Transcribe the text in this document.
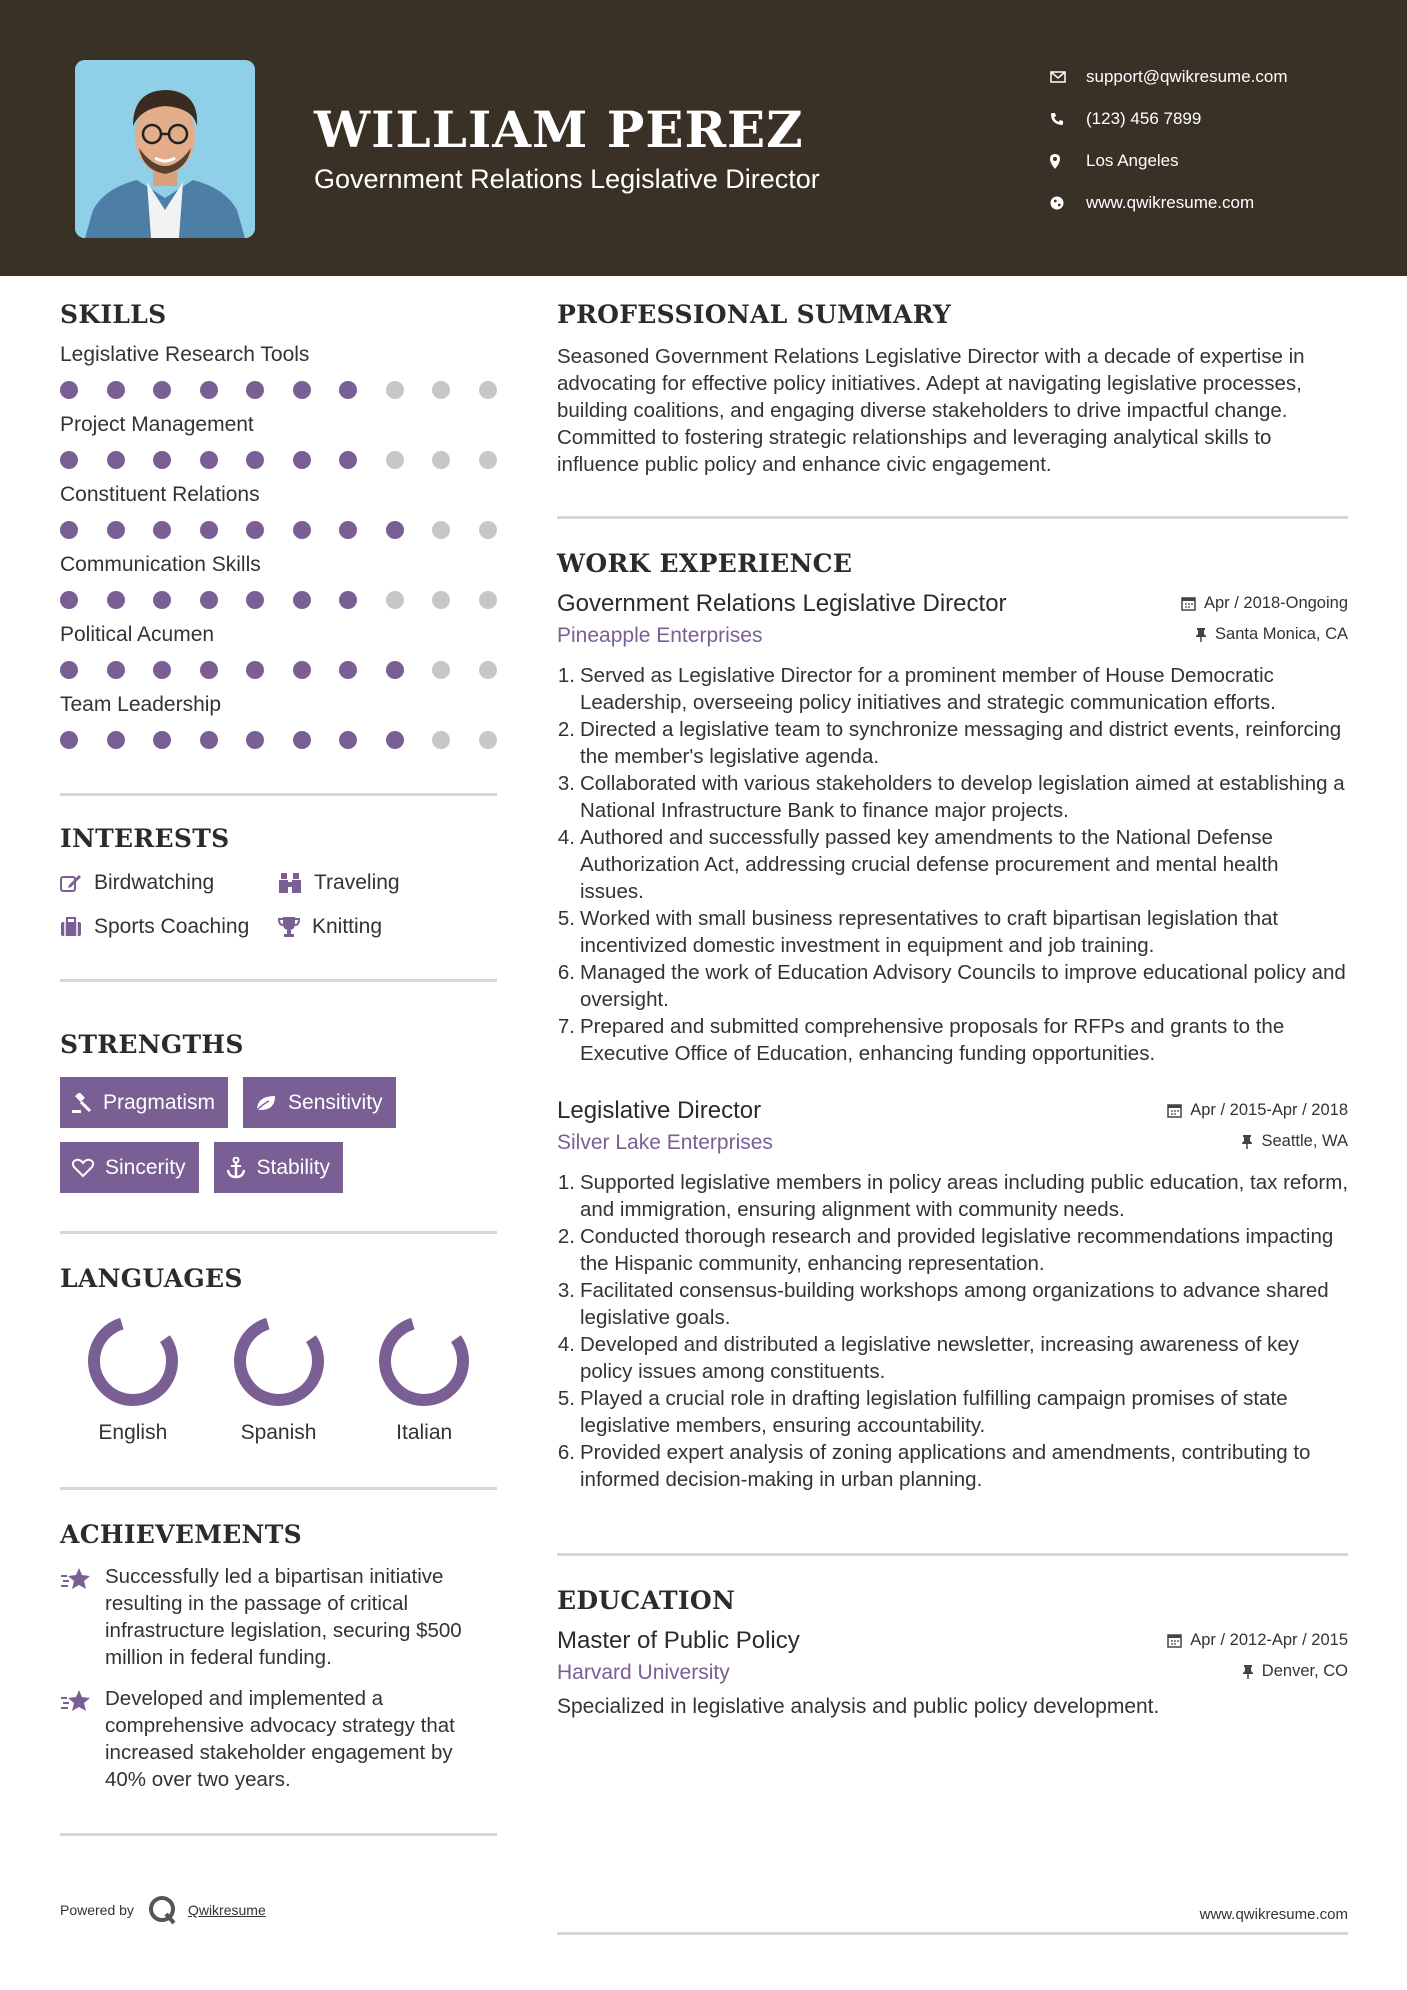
WILLIAM PEREZ
Government Relations Legislative Director
support@qwikresume.com
(123) 456 7899
Los Angeles
www.qwikresume.com
SKILLS
Legislative Research Tools
Project Management
Constituent Relations
Communication Skills
Political Acumen
Team Leadership
INTERESTS
Birdwatching	Traveling
Sports Coaching	Knitting
STRENGTHS
Pragmatism	Sensitivity
Sincerity	Stability
LANGUAGES
English	Spanish	Italian
ACHIEVEMENTS
Successfully led a bipartisan initiative resulting in the passage of critical infrastructure legislation, securing $500 million in federal funding.
Developed and implemented a comprehensive advocacy strategy that increased stakeholder engagement by 40% over two years.
Powered by	Qwikresume
PROFESSIONAL SUMMARY
Seasoned Government Relations Legislative Director with a decade of expertise in advocating for effective policy initiatives. Adept at navigating legislative processes, building coalitions, and engaging diverse stakeholders to drive impactful change. Committed to fostering strategic relationships and leveraging analytical skills to influence public policy and enhance civic engagement.
WORK EXPERIENCE
Government Relations Legislative Director	Apr / 2018-Ongoing
Pineapple Enterprises	Santa Monica, CA
1. Served as Legislative Director for a prominent member of House Democratic Leadership, overseeing policy initiatives and strategic communication efforts.
2. Directed a legislative team to synchronize messaging and district events, reinforcing the member's legislative agenda.
3. Collaborated with various stakeholders to develop legislation aimed at establishing a National Infrastructure Bank to finance major projects.
4. Authored and successfully passed key amendments to the National Defense Authorization Act, addressing crucial defense procurement and mental health issues.
5. Worked with small business representatives to craft bipartisan legislation that incentivized domestic investment in equipment and job training.
6. Managed the work of Education Advisory Councils to improve educational policy and oversight.
7. Prepared and submitted comprehensive proposals for RFPs and grants to the Executive Office of Education, enhancing funding opportunities.
Legislative Director	Apr / 2015-Apr / 2018
Silver Lake Enterprises	Seattle, WA
1. Supported legislative members in policy areas including public education, tax reform, and immigration, ensuring alignment with community needs.
2. Conducted thorough research and provided legislative recommendations impacting the Hispanic community, enhancing representation.
3. Facilitated consensus-building workshops among organizations to advance shared legislative goals.
4. Developed and distributed a legislative newsletter, increasing awareness of key policy issues among constituents.
5. Played a crucial role in drafting legislation fulfilling campaign promises of state legislative members, ensuring accountability.
6. Provided expert analysis of zoning applications and amendments, contributing to informed decision-making in urban planning.
EDUCATION
Master of Public Policy	Apr / 2012-Apr / 2015
Harvard University	Denver, CO
Specialized in legislative analysis and public policy development.
www.qwikresume.com
